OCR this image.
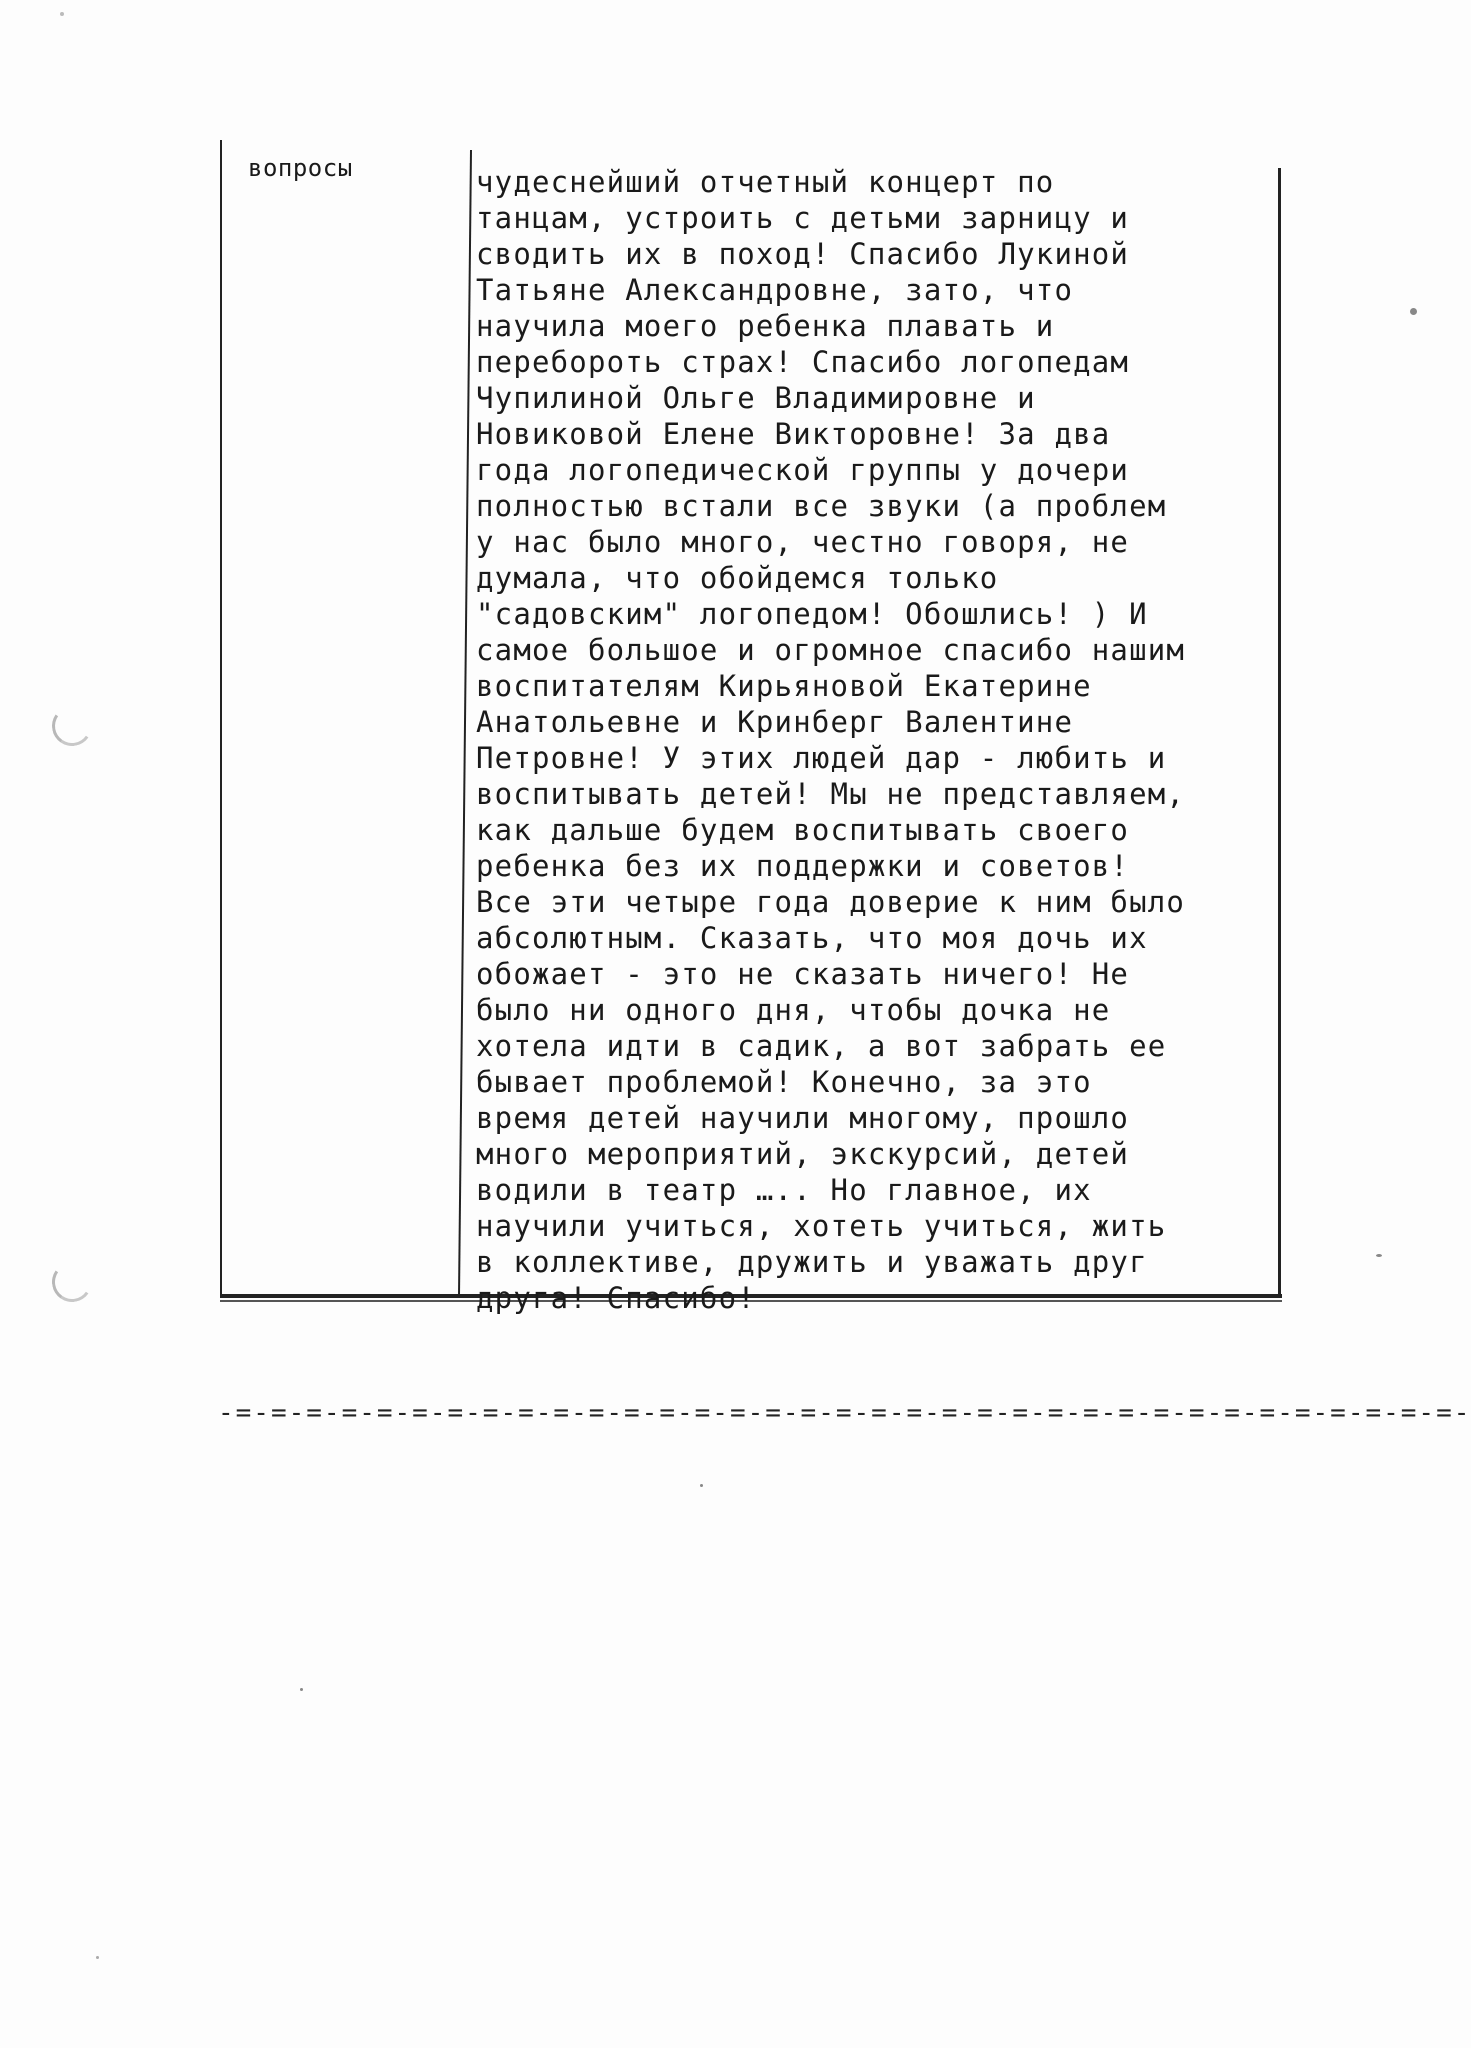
вопросы	чудеснейший отчетный концерт по
танцам, устроить с детьми зарницу и
сводить их в поход! Спасибо Лукиной
Татьяне Александровне, зато, что
научила моего ребенка плавать и
перебороть страх! Спасибо логопедам
Чупилиной Ольге Владимировне и
Новиковой Елене Викторовне! За два
года логопедической группы у дочери
полностью встали все звуки (а проблем
у нас было много, честно говоря, не
думала, что обойдемся только
"садовским" логопедом! Обошлись! ) И
самое большое и огромное спасибо нашим
воспитателям Кирьяновой Екатерине
Анатольевне и Кринберг Валентине
Петровне! У этих людей дар - любить и
воспитывать детей! Мы не представляем,
как дальше будем воспитывать своего
ребенка без их поддержки и советов!
Все эти четыре года доверие к ним было
абсолютным. Сказать, что моя дочь их
обожает - это не сказать ничего! Не
было ни одного дня, чтобы дочка не
хотела идти в садик, а вот забрать ее
бывает проблемой! Конечно, за это
время детей научили многому, прошло
много мероприятий, экскурсий, детей
водили в театр ….. Но главное, их
научили учиться, хотеть учиться, жить
в коллективе, дружить и уважать друг
друга! Спасибо!
-=-=-=-=-=-=-=-=-=-=-=-=-=-=-=-=-=-=-=-=-=-=-=-=-=-=-=-=-=-=-=-=-=-=-=-
